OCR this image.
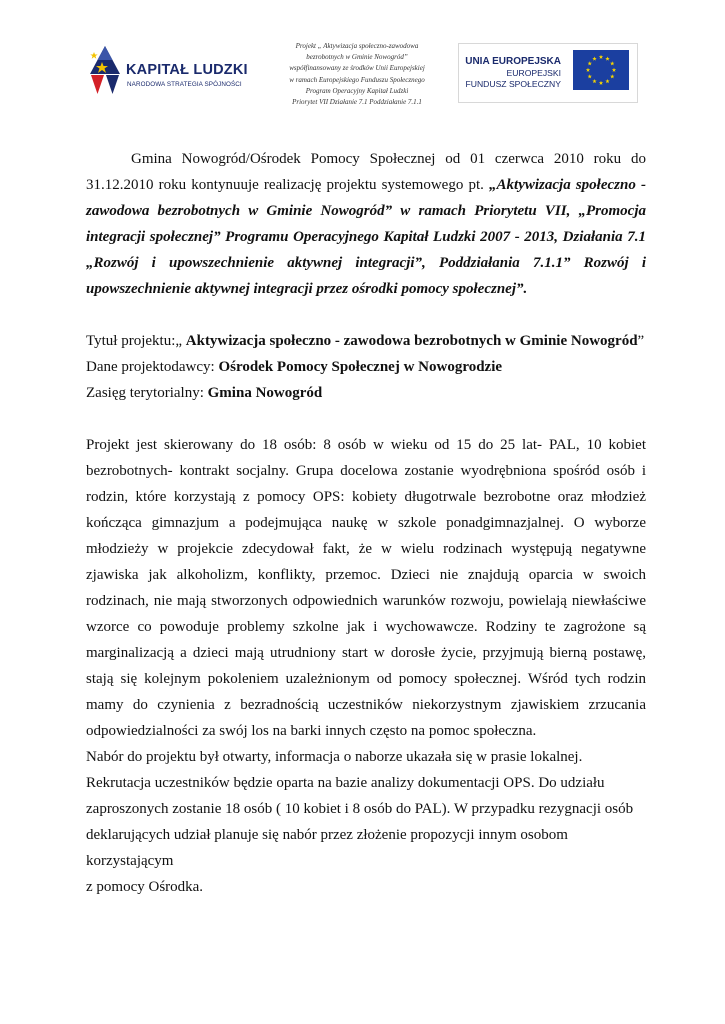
KAPITAŁ LUDZKI
NARODOWA STRATEGIA SPÓJNOŚCI
Projekt „ Aktywizacja społeczno-zawodowa
bezrobotnych w Gminie Nowogród”
współfinansowany ze środków Unii Europejskiej
w ramach Europejskiego Funduszu Społecznego
Program Operacyjny Kapitał Ludzki
Priorytet VII Działanie 7.1 Poddziałanie 7.1.1
UNIA EUROPEJSKA
EUROPEJSKI
FUNDUSZ SPOŁECZNY

Gmina Nowogród/Ośrodek Pomocy Społecznej od 01 czerwca 2010 roku do 31.12.2010 roku kontynuuje realizację projektu systemowego pt. „Aktywizacja społeczno - zawodowa bezrobotnych w Gminie Nowogród” w ramach Priorytetu VII, „Promocja integracji społecznej” Programu Operacyjnego Kapitał Ludzki 2007 - 2013, Działania 7.1 „Rozwój i upowszechnienie aktywnej integracji”, Poddziałania 7.1.1” Rozwój i upowszechnienie aktywnej integracji przez ośrodki pomocy społecznej”.

Tytuł projektu:„ Aktywizacja społeczno - zawodowa bezrobotnych w Gminie Nowogród”
Dane projektodawcy: Ośrodek Pomocy Społecznej w Nowogrodzie
Zasięg terytorialny: Gmina Nowogród

Projekt jest skierowany do 18 osób: 8 osób w wieku od 15 do 25 lat- PAL, 10 kobiet bezrobotnych- kontrakt socjalny. Grupa docelowa zostanie wyodrębniona spośród osób i rodzin, które korzystają z pomocy OPS: kobiety długotrwale bezrobotne oraz młodzież kończąca gimnazjum a podejmująca naukę w szkole ponadgimnazjalnej. O wyborze młodzieży w projekcie zdecydował fakt, że w wielu rodzinach występują negatywne zjawiska jak alkoholizm, konflikty, przemoc. Dzieci nie znajdują oparcia w swoich rodzinach, nie mają stworzonych odpowiednich warunków rozwoju, powielają niewłaściwe wzorce co powoduje problemy szkolne jak i wychowawcze. Rodziny te zagrożone są marginalizacją a dzieci mają utrudniony start w dorosłe życie, przyjmują bierną postawę, stają się kolejnym pokoleniem uzależnionym od pomocy społecznej. Wśród tych rodzin mamy do czynienia z bezradnością uczestników niekorzystnym zjawiskiem zrzucania odpowiedzialności za swój los na barki innych często na pomoc społeczna.

Nabór do projektu był otwarty, informacja o naborze ukazała się w prasie lokalnej.

Rekrutacja uczestników będzie oparta na bazie analizy dokumentacji OPS. Do udziału
zaproszonych zostanie 18 osób ( 10 kobiet i 8 osób do PAL). W przypadku rezygnacji osób
deklarujących udział planuje się nabór przez złożenie propozycji innym osobom korzystającym
z pomocy Ośrodka.
